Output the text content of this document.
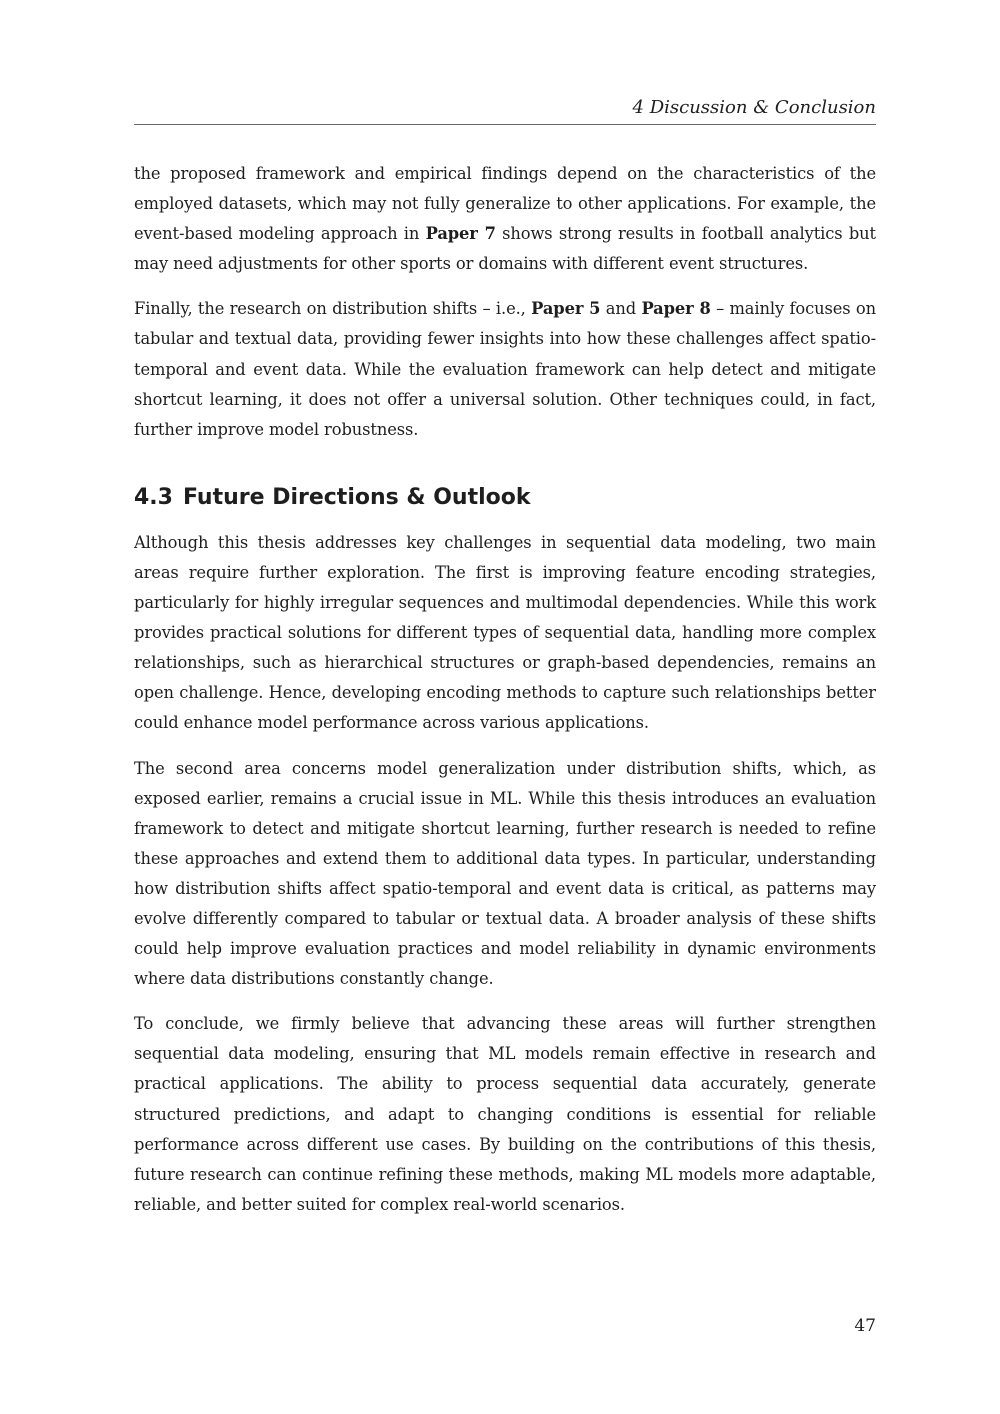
4 Discussion & Conclusion

the proposed framework and empirical findings depend on the characteristics of the employed datasets, which may not fully generalize to other applications. For example, the event-based modeling approach in Paper 7 shows strong results in football analytics but may need adjustments for other sports or domains with different event structures.

Finally, the research on distribution shifts – i.e., Paper 5 and Paper 8 – mainly focuses on tabular and textual data, providing fewer insights into how these challenges affect spatio-temporal and event data. While the evaluation framework can help detect and mitigate shortcut learning, it does not offer a universal solution. Other techniques could, in fact, further improve model robustness.

4.3 Future Directions & Outlook

Although this thesis addresses key challenges in sequential data modeling, two main areas require further exploration. The first is improving feature encoding strategies, particularly for highly irregular sequences and multimodal dependencies. While this work provides practical solutions for different types of sequential data, handling more complex relationships, such as hierarchical structures or graph-based dependencies, remains an open challenge. Hence, developing encoding methods to capture such relationships better could enhance model performance across various applications.

The second area concerns model generalization under distribution shifts, which, as exposed earlier, remains a crucial issue in ML. While this thesis introduces an evaluation framework to detect and mitigate shortcut learning, further research is needed to refine these approaches and extend them to additional data types. In particular, understanding how distribution shifts affect spatio-temporal and event data is critical, as patterns may evolve differently compared to tabular or textual data. A broader analysis of these shifts could help improve evaluation practices and model reliability in dynamic environments where data distributions constantly change.

To conclude, we firmly believe that advancing these areas will further strengthen sequential data modeling, ensuring that ML models remain effective in research and practical applications. The ability to process sequential data accurately, generate structured predictions, and adapt to changing conditions is essential for reliable performance across different use cases. By building on the contributions of this thesis, future research can continue refining these methods, making ML models more adaptable, reliable, and better suited for complex real-world scenarios.

47
